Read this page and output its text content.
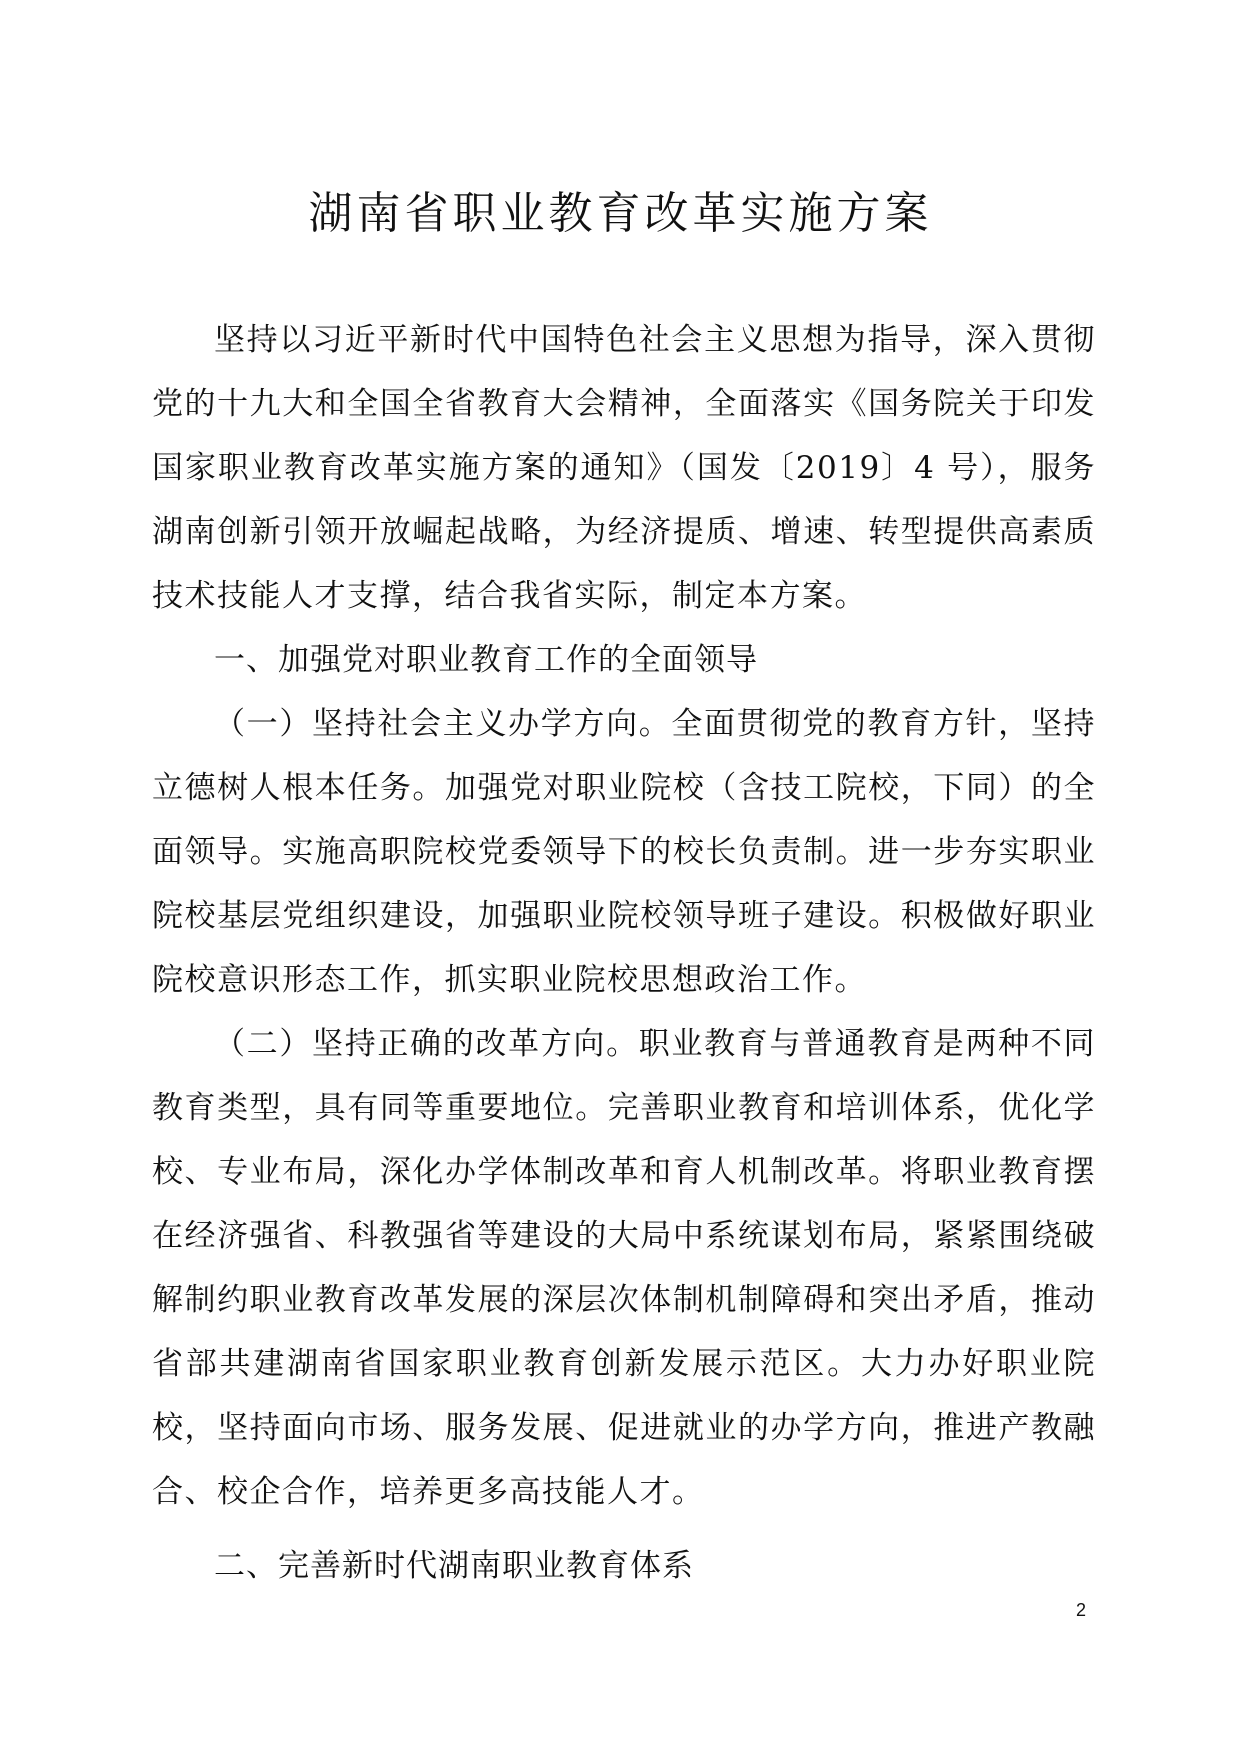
湖南省职业教育改革实施方案

坚持以习近平新时代中国特色社会主义思想为指导，深入贯彻党的十九大和全国全省教育大会精神，全面落实《国务院关于印发国家职业教育改革实施方案的通知》（国发〔2019〕4 号），服务湖南创新引领开放崛起战略，为经济提质、增速、转型提供高素质技术技能人才支撑，结合我省实际，制定本方案。

一、加强党对职业教育工作的全面领导

（一）坚持社会主义办学方向。全面贯彻党的教育方针，坚持立德树人根本任务。加强党对职业院校（含技工院校，下同）的全面领导。实施高职院校党委领导下的校长负责制。进一步夯实职业院校基层党组织建设，加强职业院校领导班子建设。积极做好职业院校意识形态工作，抓实职业院校思想政治工作。

（二）坚持正确的改革方向。职业教育与普通教育是两种不同教育类型，具有同等重要地位。完善职业教育和培训体系，优化学校、专业布局，深化办学体制改革和育人机制改革。将职业教育摆在经济强省、科教强省等建设的大局中系统谋划布局，紧紧围绕破解制约职业教育改革发展的深层次体制机制障碍和突出矛盾，推动省部共建湖南省国家职业教育创新发展示范区。大力办好职业院校，坚持面向市场、服务发展、促进就业的办学方向，推进产教融合、校企合作，培养更多高技能人才。

二、完善新时代湖南职业教育体系
2
